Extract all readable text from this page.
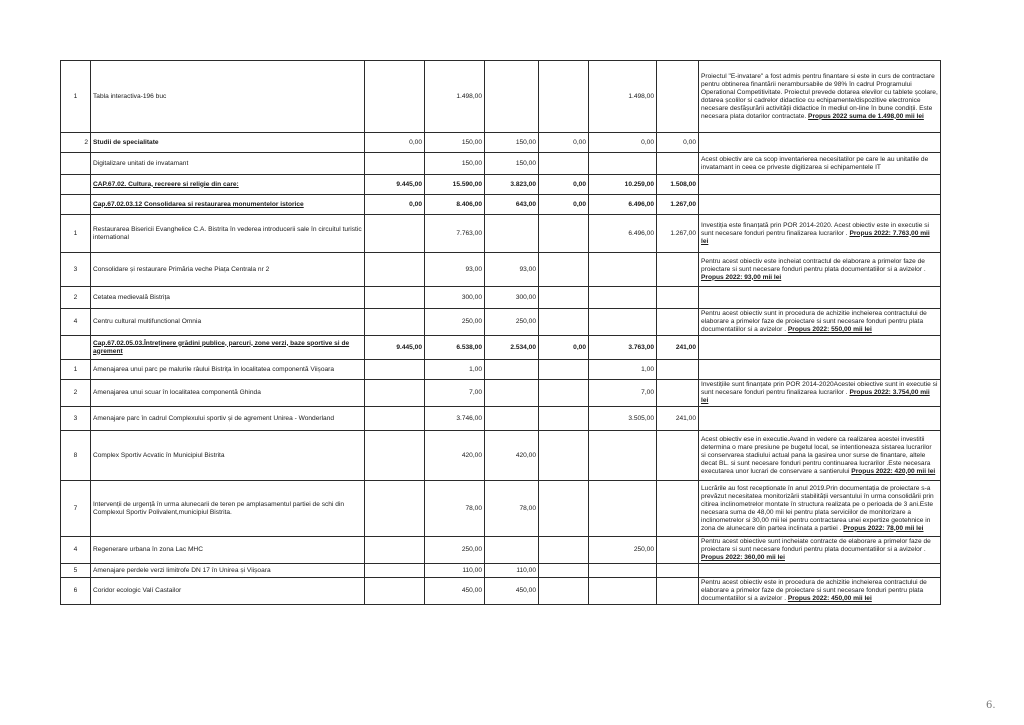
1	Tabla interactiva-196 buc		1.498,00			1.498,00		Proiectul "E-invatare" a fost admis pentru finantare si este in curs de contractare pentru obtinerea finantării nerambursabile de 98% în cadrul Programului Operational Competitivitate. Proiectul prevede dotarea elevilor cu tablete școlare, dotarea școlilor si cadrelor didactice cu echipamente/dispozitive electronice necesare desfășurării activității didactice în mediul on-line în bune condiții. Este necesara plata dotarilor contractate. Propus 2022 suma de 1.498,00 mii lei
2	Studii de specialitate	0,00	150,00	150,00	0,00	0,00	0,00	
	Digitalizare unitati de invatamant		150,00	150,00				Acest obiectiv are ca scop inventarierea necesitatilor pe care le au unitatile de invatamant in ceea ce priveste digitizarea si echipamentele IT
	CAP.67.02. Cultura, recreere si religie din care:	9.445,00	15.590,00	3.823,00	0,00	10.259,00	1.508,00	
	Cap.67.02.03.12 Consolidarea si restaurarea monumentelor istorice	0,00	8.406,00	643,00	0,00	6.496,00	1.267,00	
1	Restaurarea Bisericii Evanghelice C.A. Bistrita în vederea introducerii sale în circuitul turistic international		7.763,00			6.496,00	1.267,00	Investiția este finanțată prin POR 2014-2020. Acest obiectiv este in executie si sunt necesare fonduri pentru finalizarea lucrarilor . Propus 2022: 7.763,00 mii lei
3	Consolidare și restaurare Primăria veche Piața Centrala nr 2		93,00	93,00				Pentru acest obiectiv este incheiat contractul de elaborare a primelor faze de proiectare si sunt necesare fonduri pentru plata documentatiilor si a avizelor . Propus 2022: 93,00 mii lei
2	Cetatea medievală Bistrița		300,00	300,00				
4	Centru cultural multifunctional Omnia		250,00	250,00				Pentru acest obiectiv sunt in procedura de achizitie incheierea contractului de elaborare a primelor faze de proiectare si sunt necesare fonduri pentru plata documentatiilor si a avizelor . Propus 2022: 550,00 mii lei
	Cap.67.02.05.03.Întreținere grădini publice, parcuri, zone verzi, baze sportive si de agrement	9.445,00	6.538,00	2.534,00	0,00	3.763,00	241,00	
1	Amenajarea unui parc pe malurile râului Bistrița în localitatea componentă Viișoara		1,00			1,00		
2	Amenajarea unui scuar în localitatea componentă Ghinda		7,00			7,00		Investițiile sunt finanțate prin POR 2014-2020Acestei obiective sunt in executie si sunt necesare fonduri pentru finalizarea lucrarilor . Propus 2022: 3.754,00 mii lei
3	Amenajare parc în cadrul Complexului sportiv și de agrement Unirea - Wonderland		3.746,00			3.505,00	241,00	
8	Complex Sportiv Acvatic în Municipiul Bistrita		420,00	420,00				Acest obiectiv ese in executie.Avand in vedere ca realizarea acestei investitii determina o mare presiune pe bugetul local, se intentioneaza sistarea lucrarilor si conservarea stadiului actual pana la gasirea unor surse de finantare, altele decat BL. si sunt necesare fonduri pentru continuarea lucrarilor .Este necesara executarea unor lucrari de conservare a santierului Propus 2022: 420,00 mii lei
7	Intervenții de urgență în urma alunecarii de teren pe amplasamentul partiei de schi din Complexul Sportiv Polivalent,municipiul Bistrita.		78,00	78,00				Lucrările au fost receptionate în anul 2019.Prin documentația de proiectare s-a prevăzut necesitatea monitorizării stabilității versantului în urma consolidării prin citirea inclinometrelor montate în structura realizata pe o perioada de 3 ani.Este necesara suma de 48,00 mii lei pentru plata serviciilor de monitorizare a inclinometrelor si 30,00 mii lei pentru contractarea unei expertize geotehnice in zona de alunecare din partea inclinata a partiei . Propus 2022: 78,00 mii lei
4	Regenerare urbana în zona Lac MHC		250,00			250,00		Pentru acest obiective sunt incheiate contracte de elaborare a primelor faze de proiectare si sunt necesare fonduri pentru plata documentatiilor si a avizelor . Propus 2022: 360,00 mii lei
5	Amenajare perdele verzi limitrofe DN 17 în Unirea și Viișoara		110,00	110,00				
6	Coridor ecologic Valí Castailor		450,00	450,00				Pentru acest obiectiv este in procedura de achizitie incheierea contractului de elaborare a primelor faze de proiectare si sunt necesare fonduri pentru plata documentatiilor si a avizelor . Propus 2022: 450,00 mii lei
6.
